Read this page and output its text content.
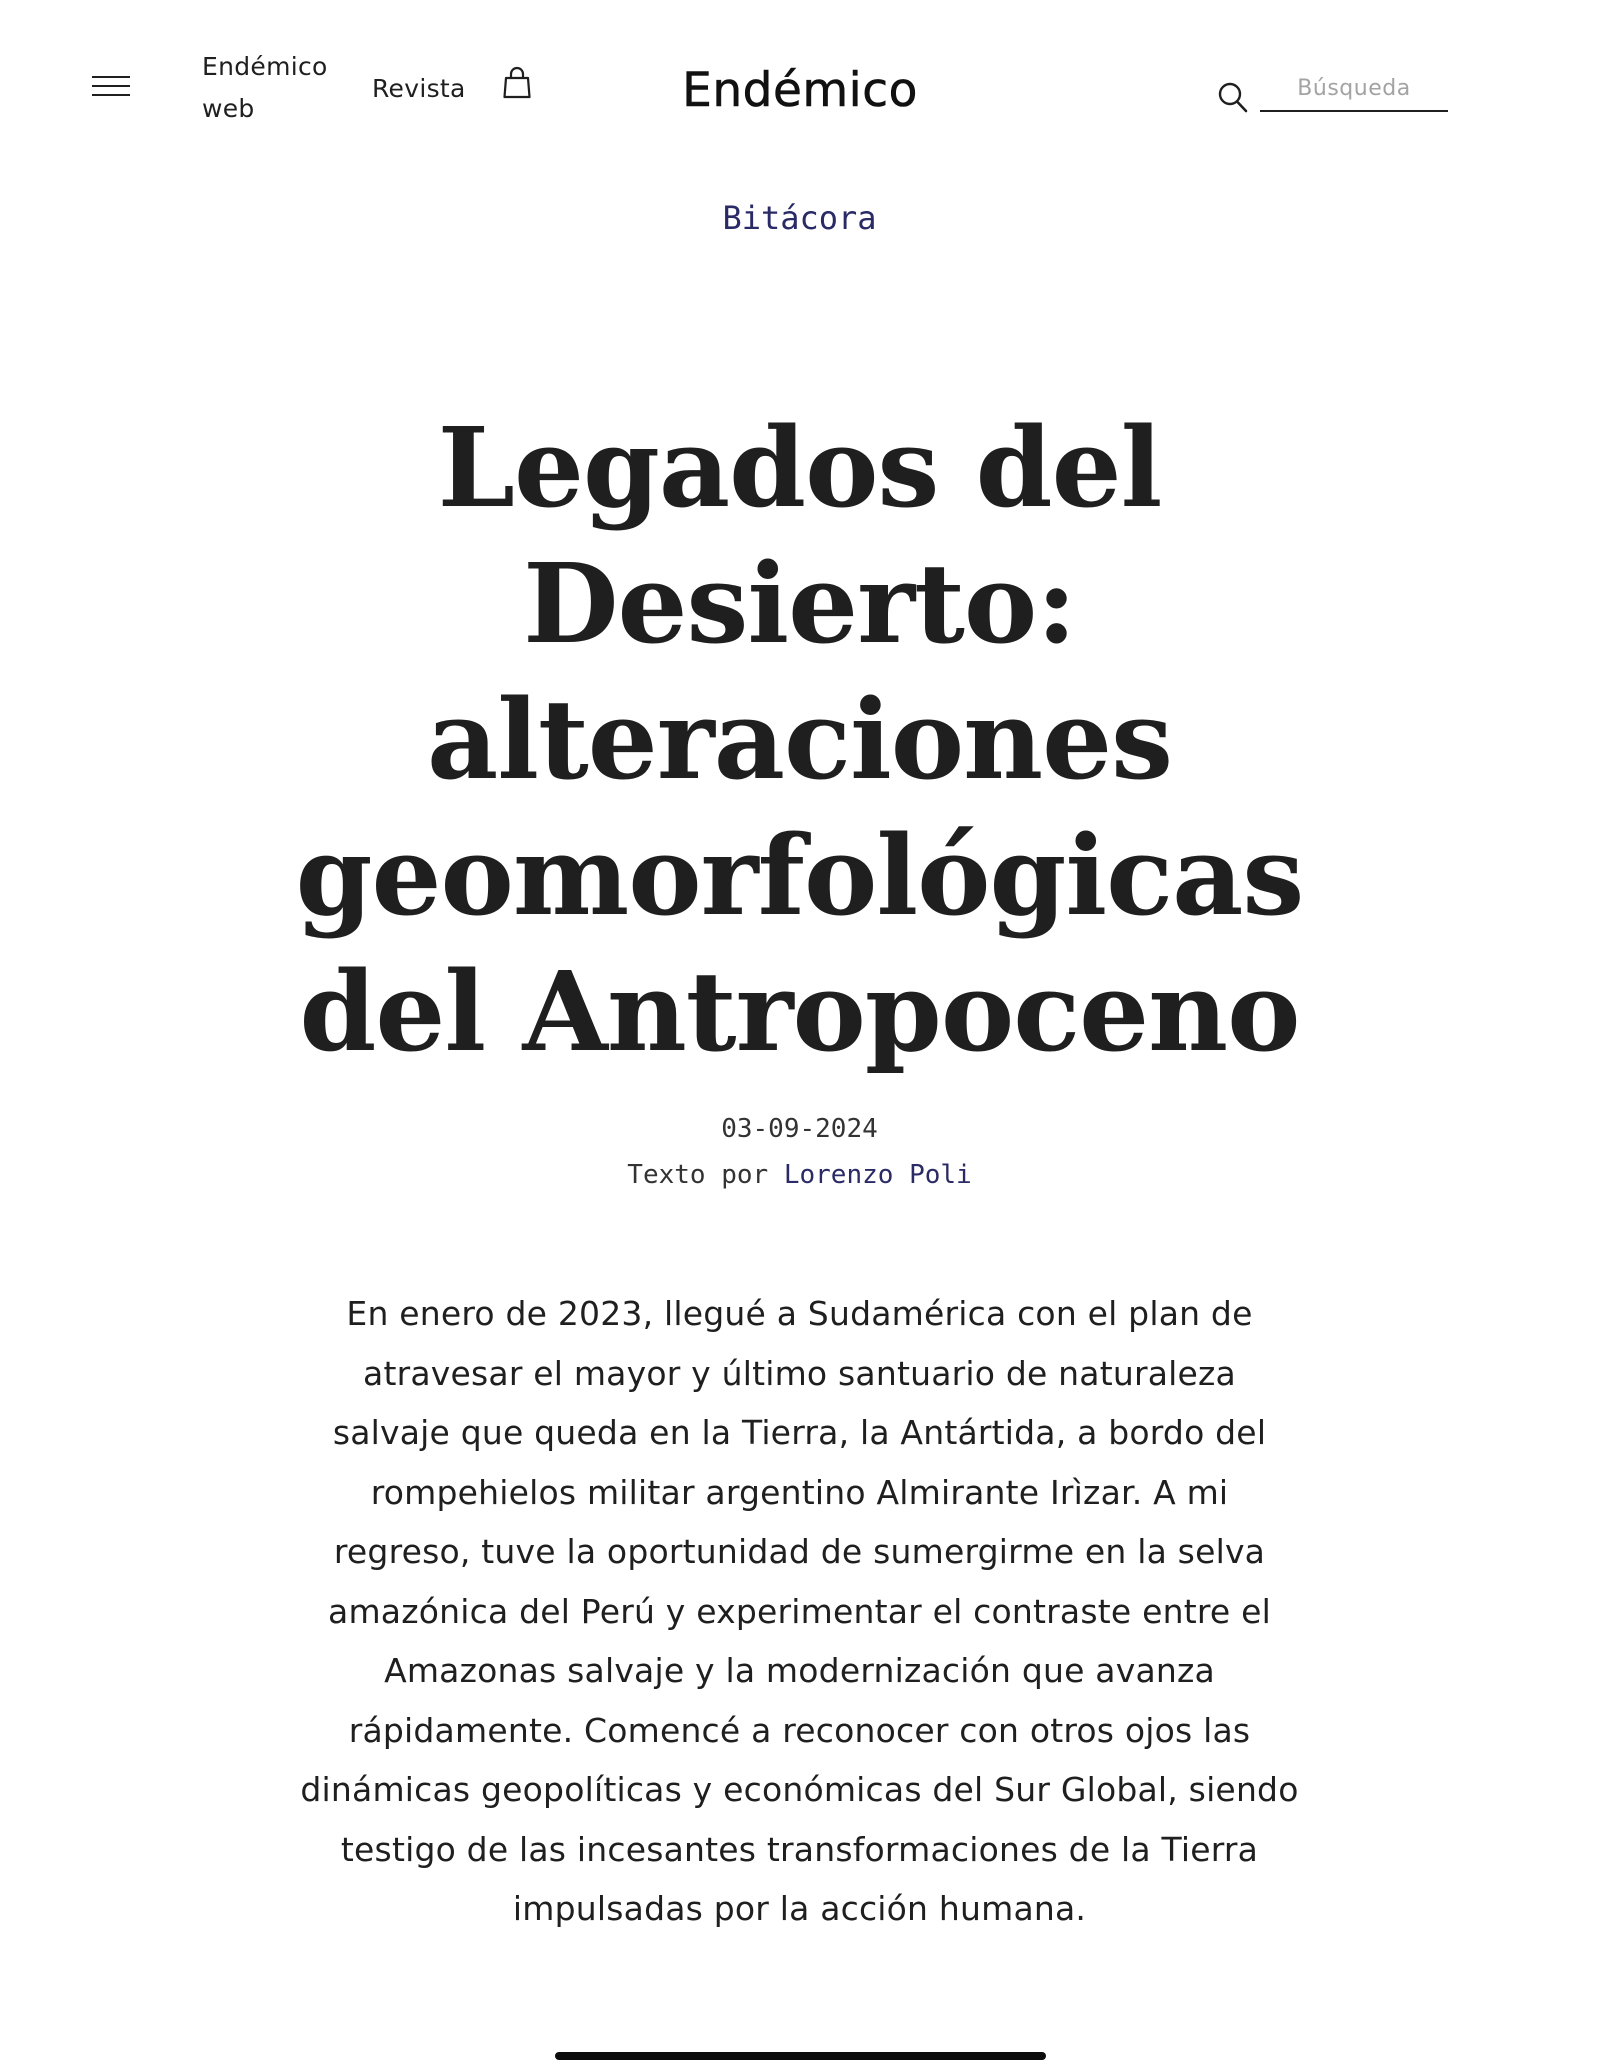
Endémico web
Revista	Endémico
Búsqueda
Bitácora
Legados del Desierto: alteraciones geomorfológicas del Antropoceno
03-09-2024
Texto por Lorenzo Poli

En enero de 2023, llegué a Sudamérica con el plan de atravesar el mayor y último santuario de naturaleza salvaje que queda en la Tierra, la Antártida, a bordo del rompehielos militar argentino Almirante Irìzar. A mi regreso, tuve la oportunidad de sumergirme en la selva amazónica del Perú y experimentar el contraste entre el Amazonas salvaje y la modernización que avanza rápidamente. Comencé a reconocer con otros ojos las dinámicas geopolíticas y económicas del Sur Global, siendo testigo de las incesantes transformaciones de la Tierra impulsadas por la acción humana.
